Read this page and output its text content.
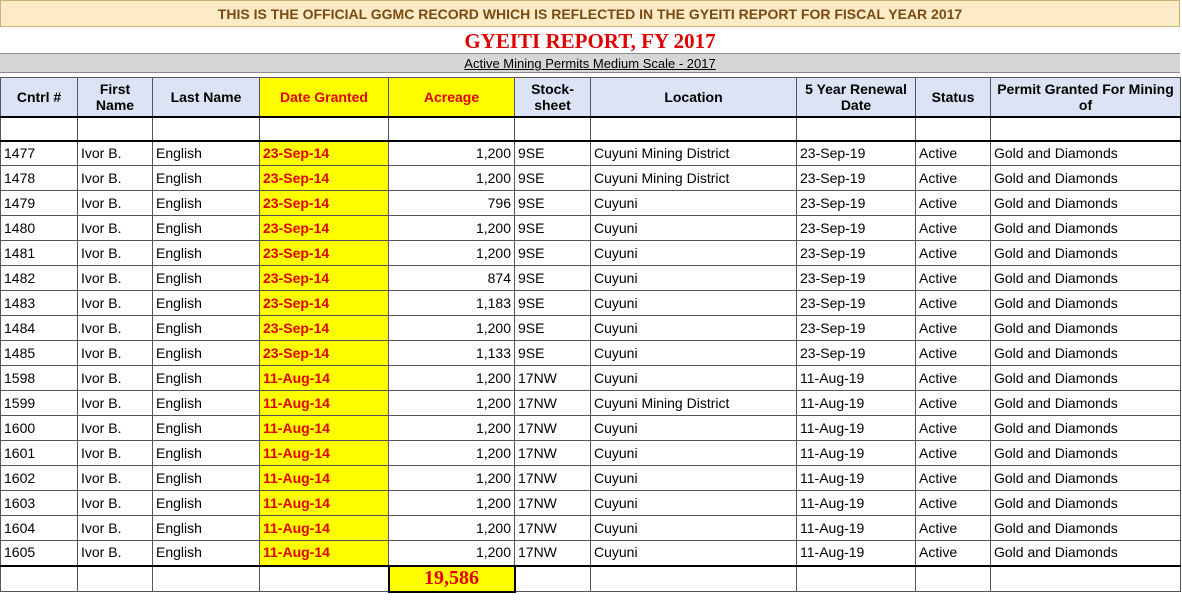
THIS IS THE OFFICIAL GGMC RECORD WHICH IS REFLECTED IN THE GYEITI REPORT FOR FISCAL YEAR 2017
GYEITI REPORT, FY 2017
Active Mining Permits Medium Scale - 2017
Cntrl #	First Name	Last Name	Date Granted	Acreage	Stock-sheet	Location	5 Year Renewal Date	Status	Permit Granted For Mining of

1477	Ivor B.	English	23-Sep-14	1,200	9SE	Cuyuni Mining District	23-Sep-19	Active	Gold and Diamonds
1478	Ivor B.	English	23-Sep-14	1,200	9SE	Cuyuni Mining District	23-Sep-19	Active	Gold and Diamonds
1479	Ivor B.	English	23-Sep-14	796	9SE	Cuyuni	23-Sep-19	Active	Gold and Diamonds
1480	Ivor B.	English	23-Sep-14	1,200	9SE	Cuyuni	23-Sep-19	Active	Gold and Diamonds
1481	Ivor B.	English	23-Sep-14	1,200	9SE	Cuyuni	23-Sep-19	Active	Gold and Diamonds
1482	Ivor B.	English	23-Sep-14	874	9SE	Cuyuni	23-Sep-19	Active	Gold and Diamonds
1483	Ivor B.	English	23-Sep-14	1,183	9SE	Cuyuni	23-Sep-19	Active	Gold and Diamonds
1484	Ivor B.	English	23-Sep-14	1,200	9SE	Cuyuni	23-Sep-19	Active	Gold and Diamonds
1485	Ivor B.	English	23-Sep-14	1,133	9SE	Cuyuni	23-Sep-19	Active	Gold and Diamonds
1598	Ivor B.	English	11-Aug-14	1,200	17NW	Cuyuni	11-Aug-19	Active	Gold and Diamonds
1599	Ivor B.	English	11-Aug-14	1,200	17NW	Cuyuni Mining District	11-Aug-19	Active	Gold and Diamonds
1600	Ivor B.	English	11-Aug-14	1,200	17NW	Cuyuni	11-Aug-19	Active	Gold and Diamonds
1601	Ivor B.	English	11-Aug-14	1,200	17NW	Cuyuni	11-Aug-19	Active	Gold and Diamonds
1602	Ivor B.	English	11-Aug-14	1,200	17NW	Cuyuni	11-Aug-19	Active	Gold and Diamonds
1603	Ivor B.	English	11-Aug-14	1,200	17NW	Cuyuni	11-Aug-19	Active	Gold and Diamonds
1604	Ivor B.	English	11-Aug-14	1,200	17NW	Cuyuni	11-Aug-19	Active	Gold and Diamonds
1605	Ivor B.	English	11-Aug-14	1,200	17NW	Cuyuni	11-Aug-19	Active	Gold and Diamonds
				19,586					
